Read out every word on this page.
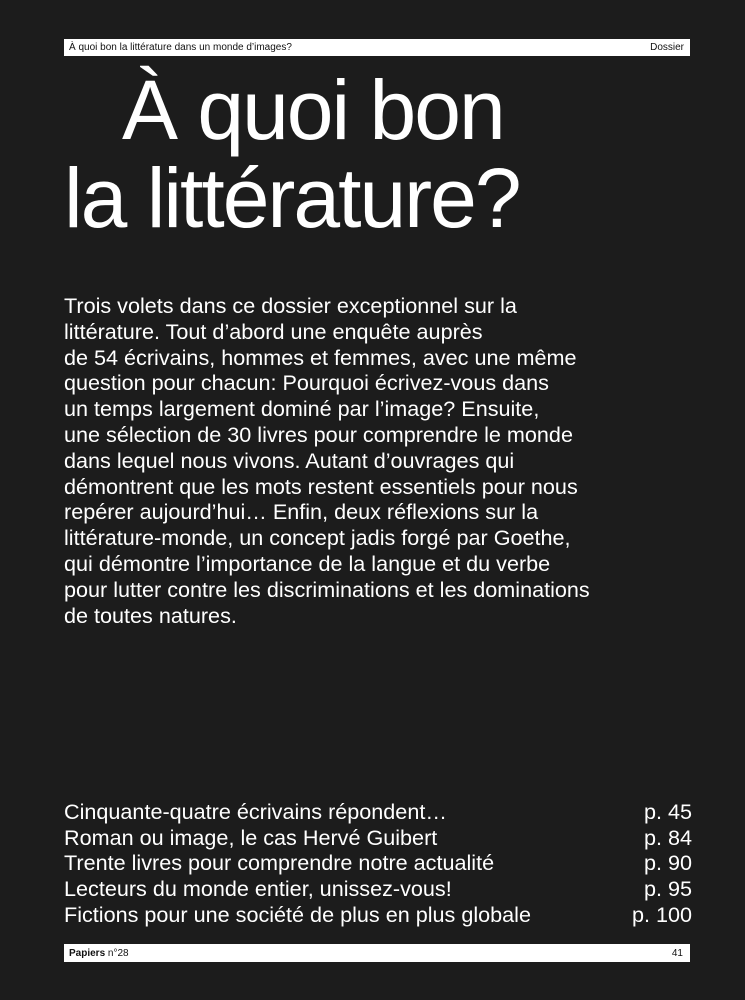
À quoi bon la littérature dans un monde d’images?	Dossier
À quoi bon
la littérature?

Trois volets dans ce dossier exceptionnel sur la
littérature. Tout d’abord une enquête auprès
de 54 écrivains, hommes et femmes, avec une même
question pour chacun: Pourquoi écrivez-vous dans
un temps largement dominé par l’image? Ensuite,
une sélection de 30 livres pour comprendre le monde
dans lequel nous vivons. Autant d’ouvrages qui
démontrent que les mots restent essentiels pour nous
repérer aujourd’hui… Enfin, deux réflexions sur la
littérature-monde, un concept jadis forgé par Goethe,
qui démontre l’importance de la langue et du verbe
pour lutter contre les discriminations et les dominations
de toutes natures.

Cinquante-quatre écrivains répondent…	p. 45
Roman ou image, le cas Hervé Guibert	p. 84
Trente livres pour comprendre notre actualité	p. 90
Lecteurs du monde entier, unissez-vous!	p. 95
Fictions pour une société de plus en plus globale	p. 100
Papiers n°28	41
